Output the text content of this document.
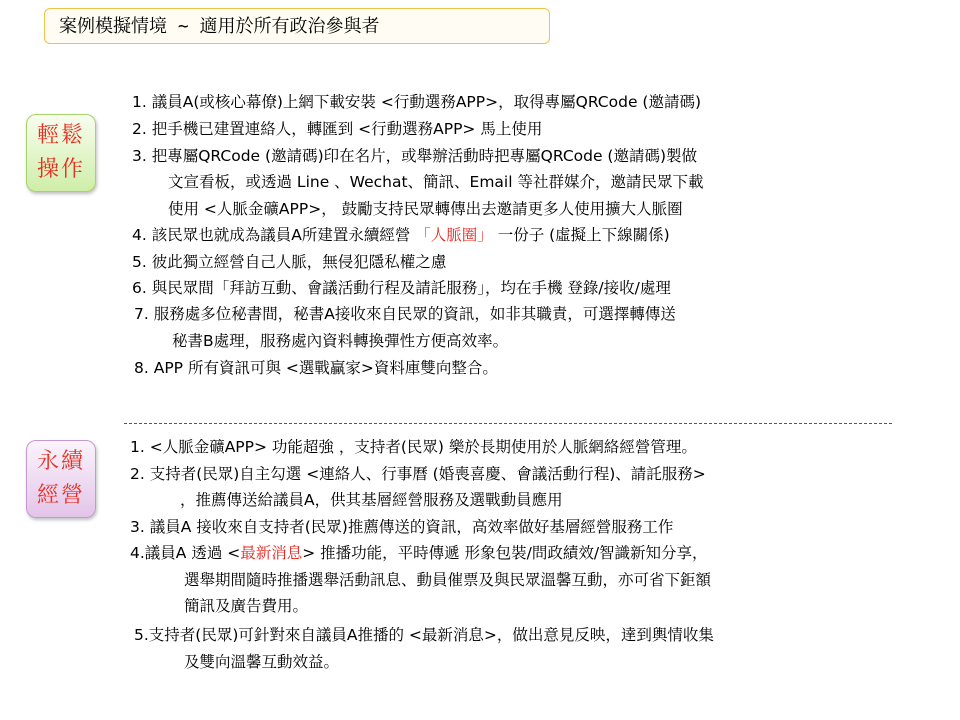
案例模擬情境 ~ 適用於所有政治參與者
輕鬆
操作
1. 議員A(或核心幕僚)上網下載安裝 <行動選務APP>，取得專屬QRCode (邀請碼)
2. 把手機已建置連絡人，轉匯到 <行動選務APP> 馬上使用
3. 把專屬QRCode (邀請碼)印在名片，或舉辦活動時把專屬QRCode (邀請碼)製做
文宣看板，或透過 Line 、Wechat、簡訊、Email 等社群媒介，邀請民眾下載
使用 <人脈金礦APP>， 鼓勵支持民眾轉傳出去邀請更多人使用擴大人脈圈
4. 該民眾也就成為議員A所建置永續經營 「人脈圈」 一份子 (虛擬上下線關係)
5. 彼此獨立經營自己人脈，無侵犯隱私權之慮
6. 與民眾間「拜訪互動、會議活動行程及請託服務」，均在手機 登錄/接收/處理
7. 服務處多位秘書間，秘書A接收來自民眾的資訊，如非其職責，可選擇轉傳送
秘書B處理，服務處內資料轉換彈性方便高效率。
8. APP 所有資訊可與 <選戰贏家>資料庫雙向整合。
永續
經營
1. <人脈金礦APP> 功能超強 ，支持者(民眾) 樂於長期使用於人脈網絡經營管理。
2. 支持者(民眾)自主勾選 <連絡人、行事曆 (婚喪喜慶、會議活動行程)、請託服務>
，推薦傳送給議員A，供其基層經營服務及選戰動員應用
3. 議員A 接收來自支持者(民眾)推薦傳送的資訊，高效率做好基層經營服務工作
4.議員A 透過 <最新消息> 推播功能，平時傳遞 形象包裝/問政績效/智識新知分享，
選舉期間隨時推播選舉活動訊息、動員催票及與民眾溫馨互動，亦可省下鉅額
簡訊及廣告費用。
5.支持者(民眾)可針對來自議員A推播的 <最新消息>，做出意見反映，達到輿情收集
及雙向溫馨互動效益。
